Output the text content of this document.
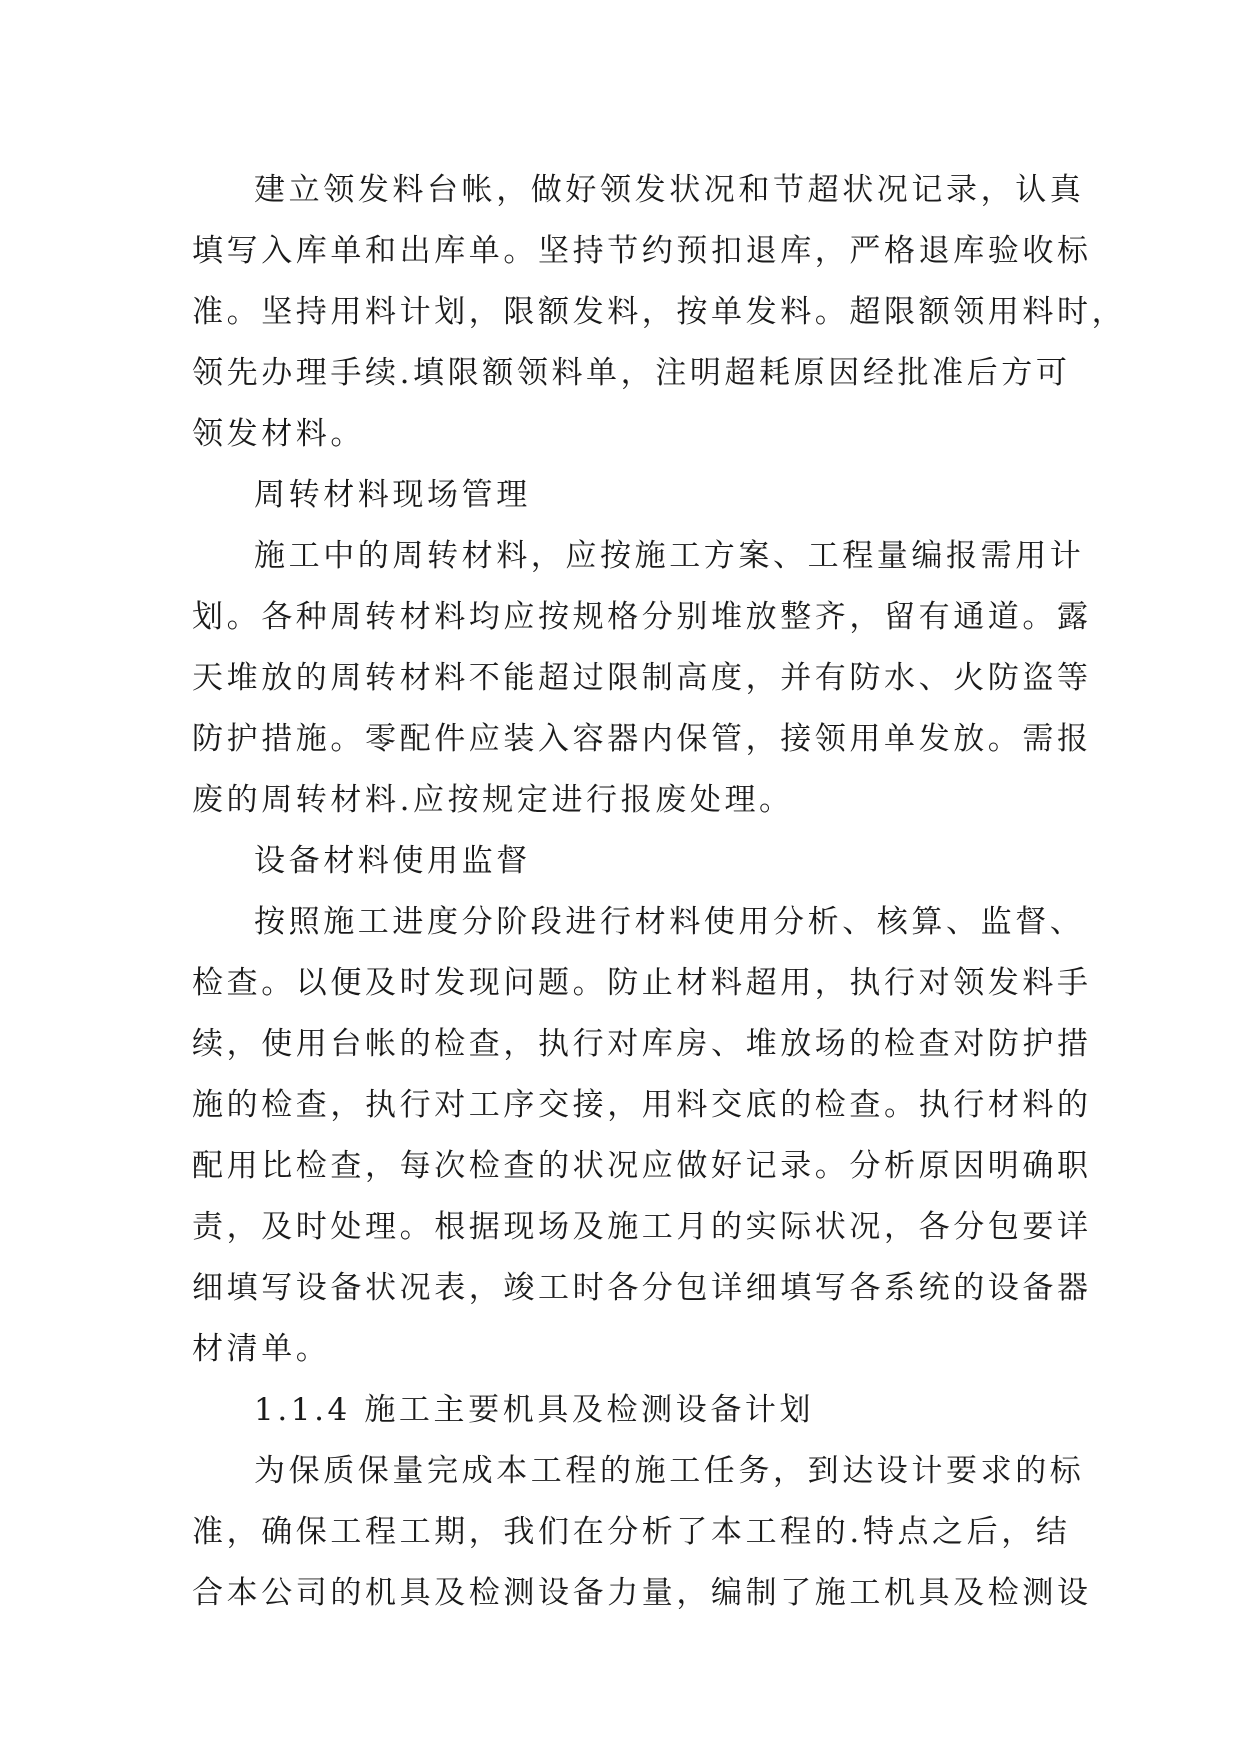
建立领发料台帐，做好领发状况和节超状况记录，认真
填写入库单和出库单。坚持节约预扣退库，严格退库验收标
准。坚持用料计划，限额发料，按单发料。超限额领用料时，
领先办理手续.填限额领料单，注明超耗原因经批准后方可
领发材料。
周转材料现场管理
施工中的周转材料，应按施工方案、工程量编报需用计
划。各种周转材料均应按规格分别堆放整齐，留有通道。露
天堆放的周转材料不能超过限制高度，并有防水、火防盗等
防护措施。零配件应装入容器内保管，接领用单发放。需报
废的周转材料.应按规定进行报废处理。
设备材料使用监督
按照施工进度分阶段进行材料使用分析、核算、监督、
检查。以便及时发现问题。防止材料超用，执行对领发料手
续，使用台帐的检查，执行对库房、堆放场的检查对防护措
施的检查，执行对工序交接，用料交底的检查。执行材料的
配用比检查，每次检查的状况应做好记录。分析原因明确职
责，及时处理。根据现场及施工月的实际状况，各分包要详
细填写设备状况表，竣工时各分包详细填写各系统的设备器
材清单。
1.1.4 施工主要机具及检测设备计划
为保质保量完成本工程的施工任务，到达设计要求的标
准，确保工程工期，我们在分析了本工程的.特点之后，结
合本公司的机具及检测设备力量，编制了施工机具及检测设
